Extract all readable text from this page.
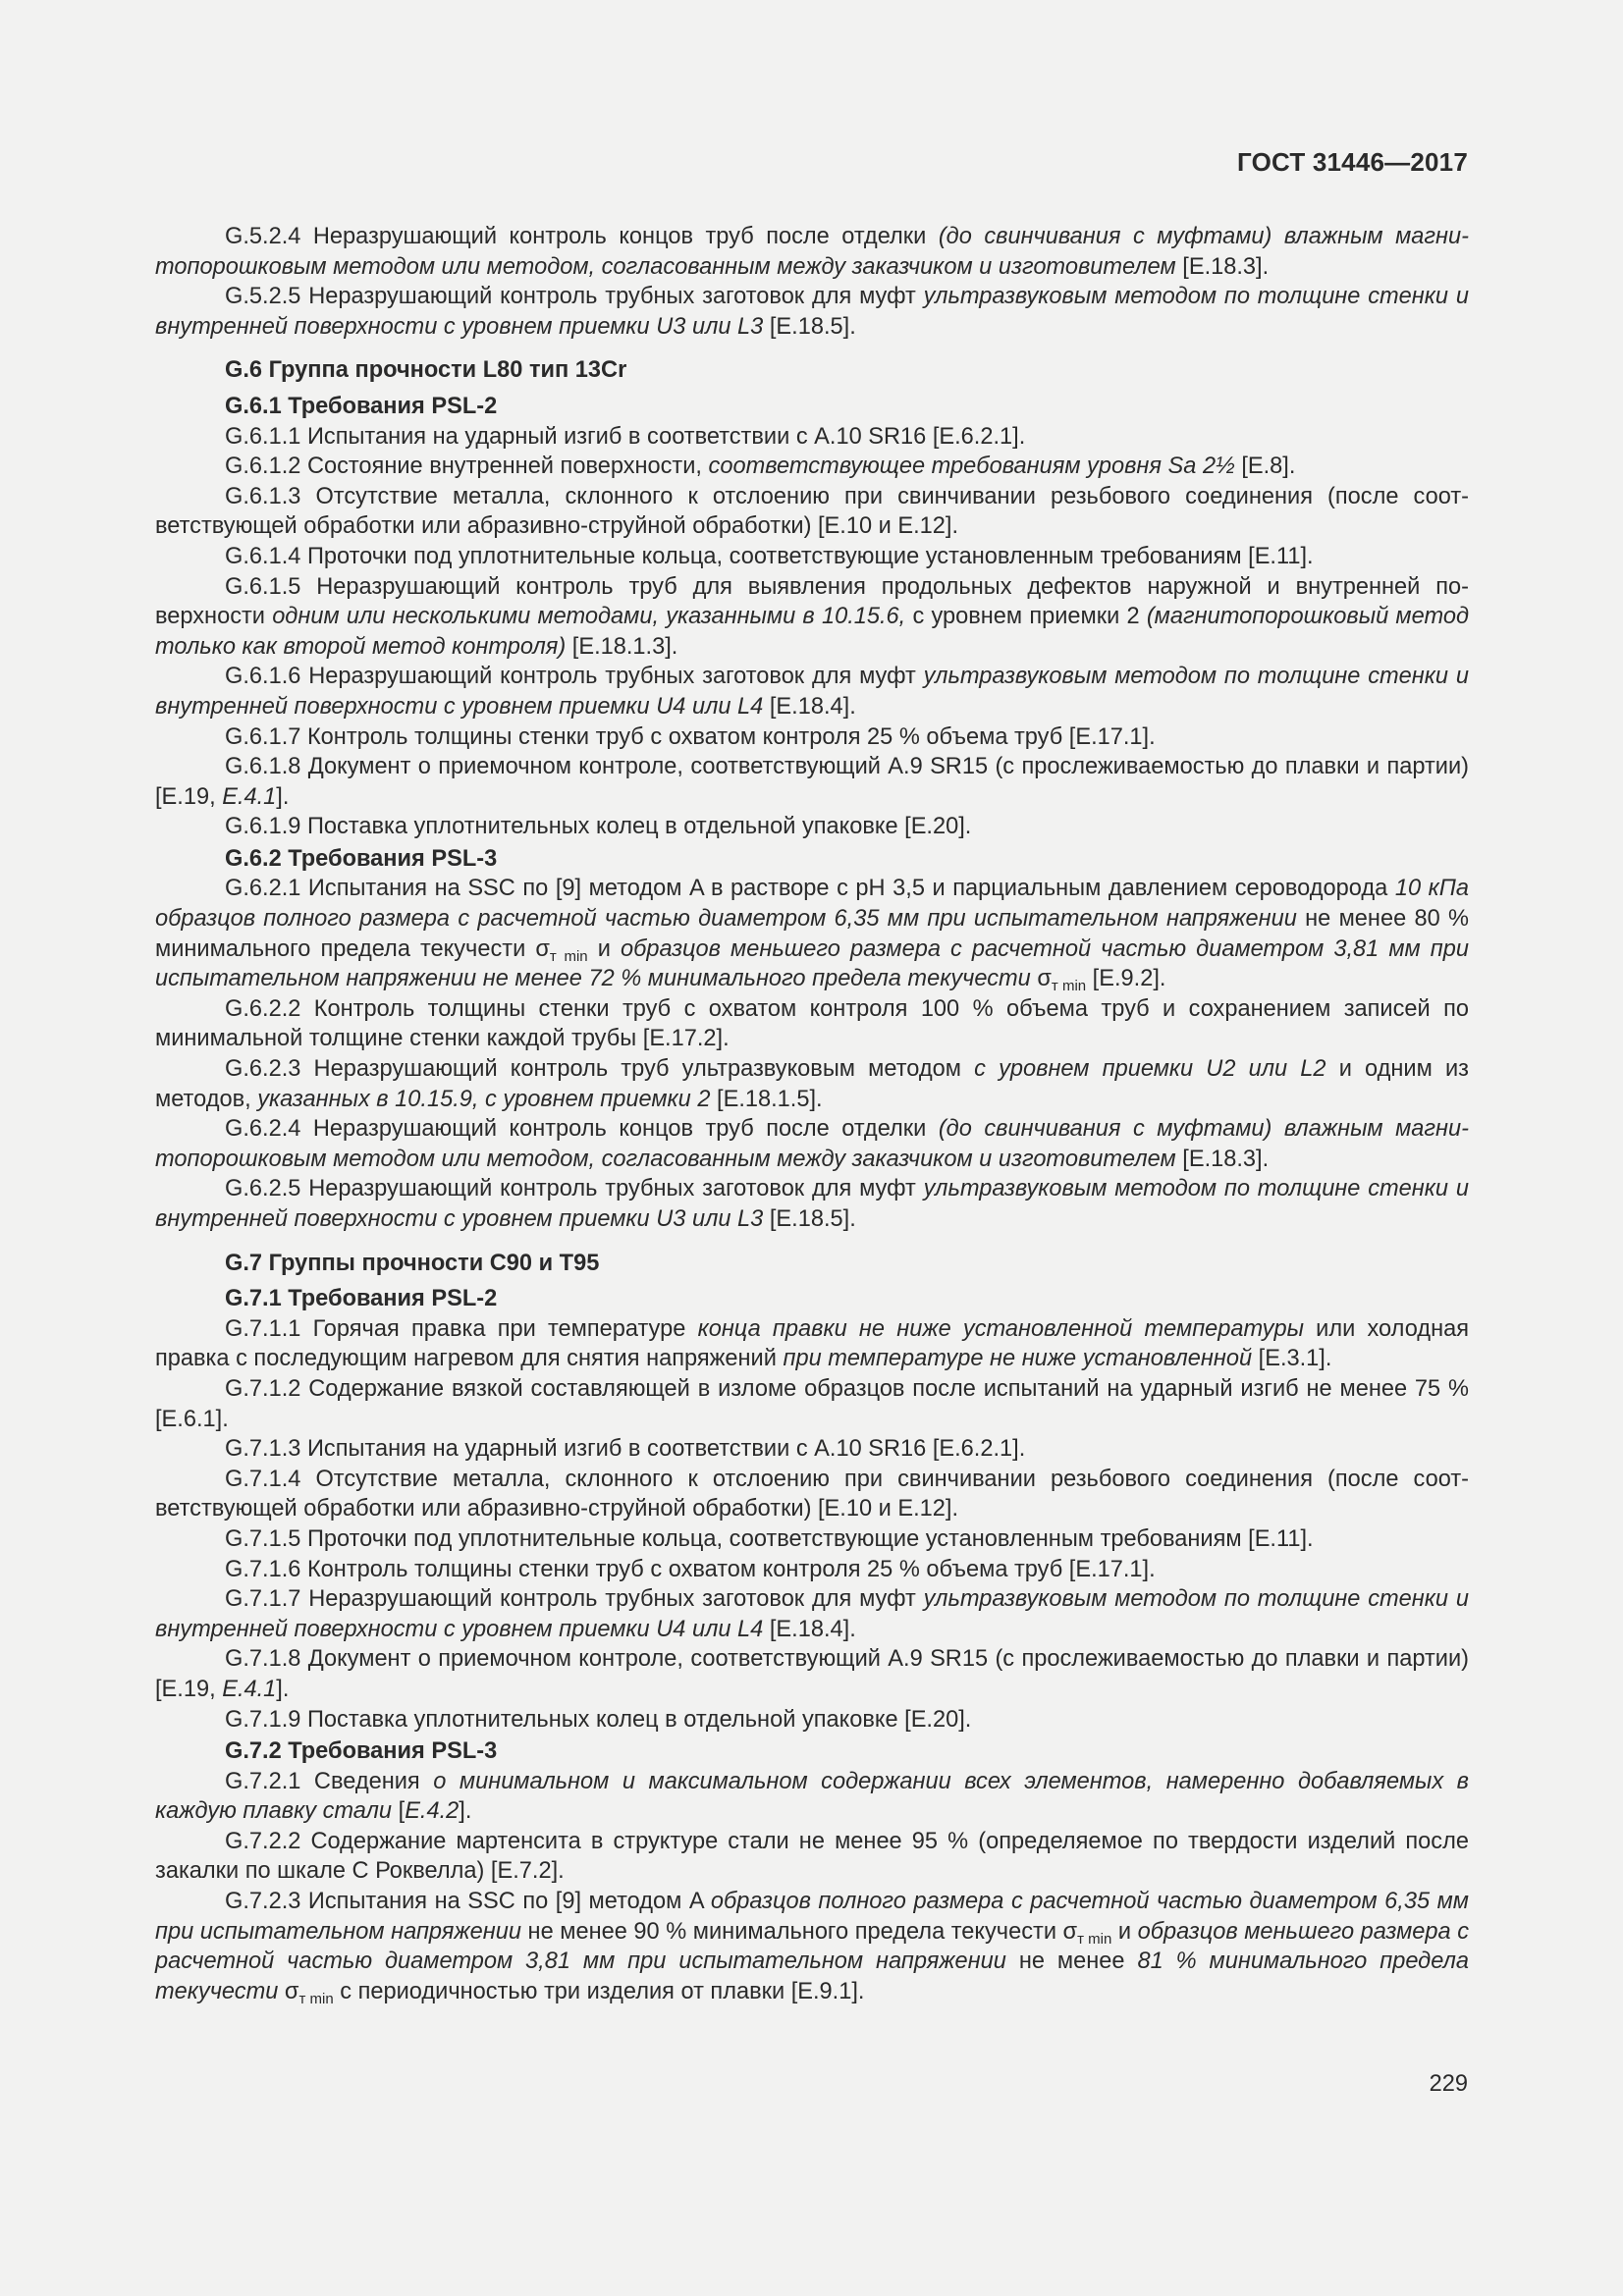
ГОСТ 31446—2017

G.5.2.4 Неразрушающий контроль концов труб после отделки (до свинчивания с муфтами) влажным магнитопорошковым методом или методом, согласованным между заказчиком и изготовителем [E.18.3].

G.5.2.5 Неразрушающий контроль трубных заготовок для муфт ультразвуковым методом по толщине стенки и внутренней поверхности с уровнем приемки U3 или L3 [E.18.5].

G.6 Группа прочности L80 тип 13Cr
G.6.1 Требования PSL-2

G.6.1.1 Испытания на ударный изгиб в соответствии с A.10 SR16 [E.6.2.1].

G.6.1.2 Состояние внутренней поверхности, соответствующее требованиям уровня Sa 2½ [E.8].

G.6.1.3 Отсутствие металла, склонного к отслоению при свинчивании резьбового соединения (после соответствующей обработки или абразивно-струйной обработки) [E.10 и E.12].

G.6.1.4 Проточки под уплотнительные кольца, соответствующие установленным требованиям [E.11].

G.6.1.5 Неразрушающий контроль труб для выявления продольных дефектов наружной и внутренней поверхности одним или несколькими методами, указанными в 10.15.6, с уровнем приемки 2 (магнитопорошковый метод только как второй метод контроля) [E.18.1.3].

G.6.1.6 Неразрушающий контроль трубных заготовок для муфт ультразвуковым методом по толщине стенки и внутренней поверхности с уровнем приемки U4 или L4 [E.18.4].

G.6.1.7 Контроль толщины стенки труб с охватом контроля 25 % объема труб [E.17.1].

G.6.1.8 Документ о приемочном контроле, соответствующий A.9 SR15 (с прослеживаемостью до плавки и партии) [E.19, E.4.1].

G.6.1.9 Поставка уплотнительных колец в отдельной упаковке [E.20].

G.6.2 Требования PSL-3

G.6.2.1 Испытания на SSC по [9] методом A в растворе с pH 3,5 и парциальным давлением сероводорода 10 кПа образцов полного размера с расчетной частью диаметром 6,35 мм при испытательном напряжении не менее 80 % минимального предела текучести $\sigma_{т min}$ и образцов меньшего размера с расчетной частью диаметром 3,81 мм при испытательном напряжении не менее 72 % минимального предела текучести $\sigma_{т min}$ [E.9.2].

G.6.2.2 Контроль толщины стенки труб с охватом контроля 100 % объема труб и сохранением записей по минимальной толщине стенки каждой трубы [E.17.2].

G.6.2.3 Неразрушающий контроль труб ультразвуковым методом с уровнем приемки U2 или L2 и одним из методов, указанных в 10.15.9, с уровнем приемки 2 [E.18.1.5].

G.6.2.4 Неразрушающий контроль концов труб после отделки (до свинчивания с муфтами) влажным магнитопорошковым методом или методом, согласованным между заказчиком и изготовителем [E.18.3].

G.6.2.5 Неразрушающий контроль трубных заготовок для муфт ультразвуковым методом по толщине стенки и внутренней поверхности с уровнем приемки U3 или L3 [E.18.5].

G.7 Группы прочности C90 и T95
G.7.1 Требования PSL-2

G.7.1.1 Горячая правка при температуре конца правки не ниже установленной температуры или холодная правка с последующим нагревом для снятия напряжений при температуре не ниже установленной [E.3.1].

G.7.1.2 Содержание вязкой составляющей в изломе образцов после испытаний на ударный изгиб не менее 75 % [E.6.1].

G.7.1.3 Испытания на ударный изгиб в соответствии с A.10 SR16 [E.6.2.1].

G.7.1.4 Отсутствие металла, склонного к отслоению при свинчивании резьбового соединения (после соответствующей обработки или абразивно-струйной обработки) [E.10 и E.12].

G.7.1.5 Проточки под уплотнительные кольца, соответствующие установленным требованиям [E.11].

G.7.1.6 Контроль толщины стенки труб с охватом контроля 25 % объема труб [E.17.1].

G.7.1.7 Неразрушающий контроль трубных заготовок для муфт ультразвуковым методом по толщине стенки и внутренней поверхности с уровнем приемки U4 или L4 [E.18.4].

G.7.1.8 Документ о приемочном контроле, соответствующий A.9 SR15 (с прослеживаемостью до плавки и партии) [E.19, E.4.1].

G.7.1.9 Поставка уплотнительных колец в отдельной упаковке [E.20].

G.7.2 Требования PSL-3

G.7.2.1 Сведения о минимальном и максимальном содержании всех элементов, намеренно добавляемых в каждую плавку стали [E.4.2].

G.7.2.2 Содержание мартенсита в структуре стали не менее 95 % (определяемое по твердости изделий после закалки по шкале C Роквелла) [E.7.2].

G.7.2.3 Испытания на SSC по [9] методом A образцов полного размера с расчетной частью диаметром 6,35 мм при испытательном напряжении не менее 90 % минимального предела текучести $\sigma_{т min}$ и образцов меньшего размера с расчетной частью диаметром 3,81 мм при испытательном напряжении не менее 81 % минимального предела текучести $\sigma_{т min}$ с периодичностью три изделия от плавки [E.9.1].

229
